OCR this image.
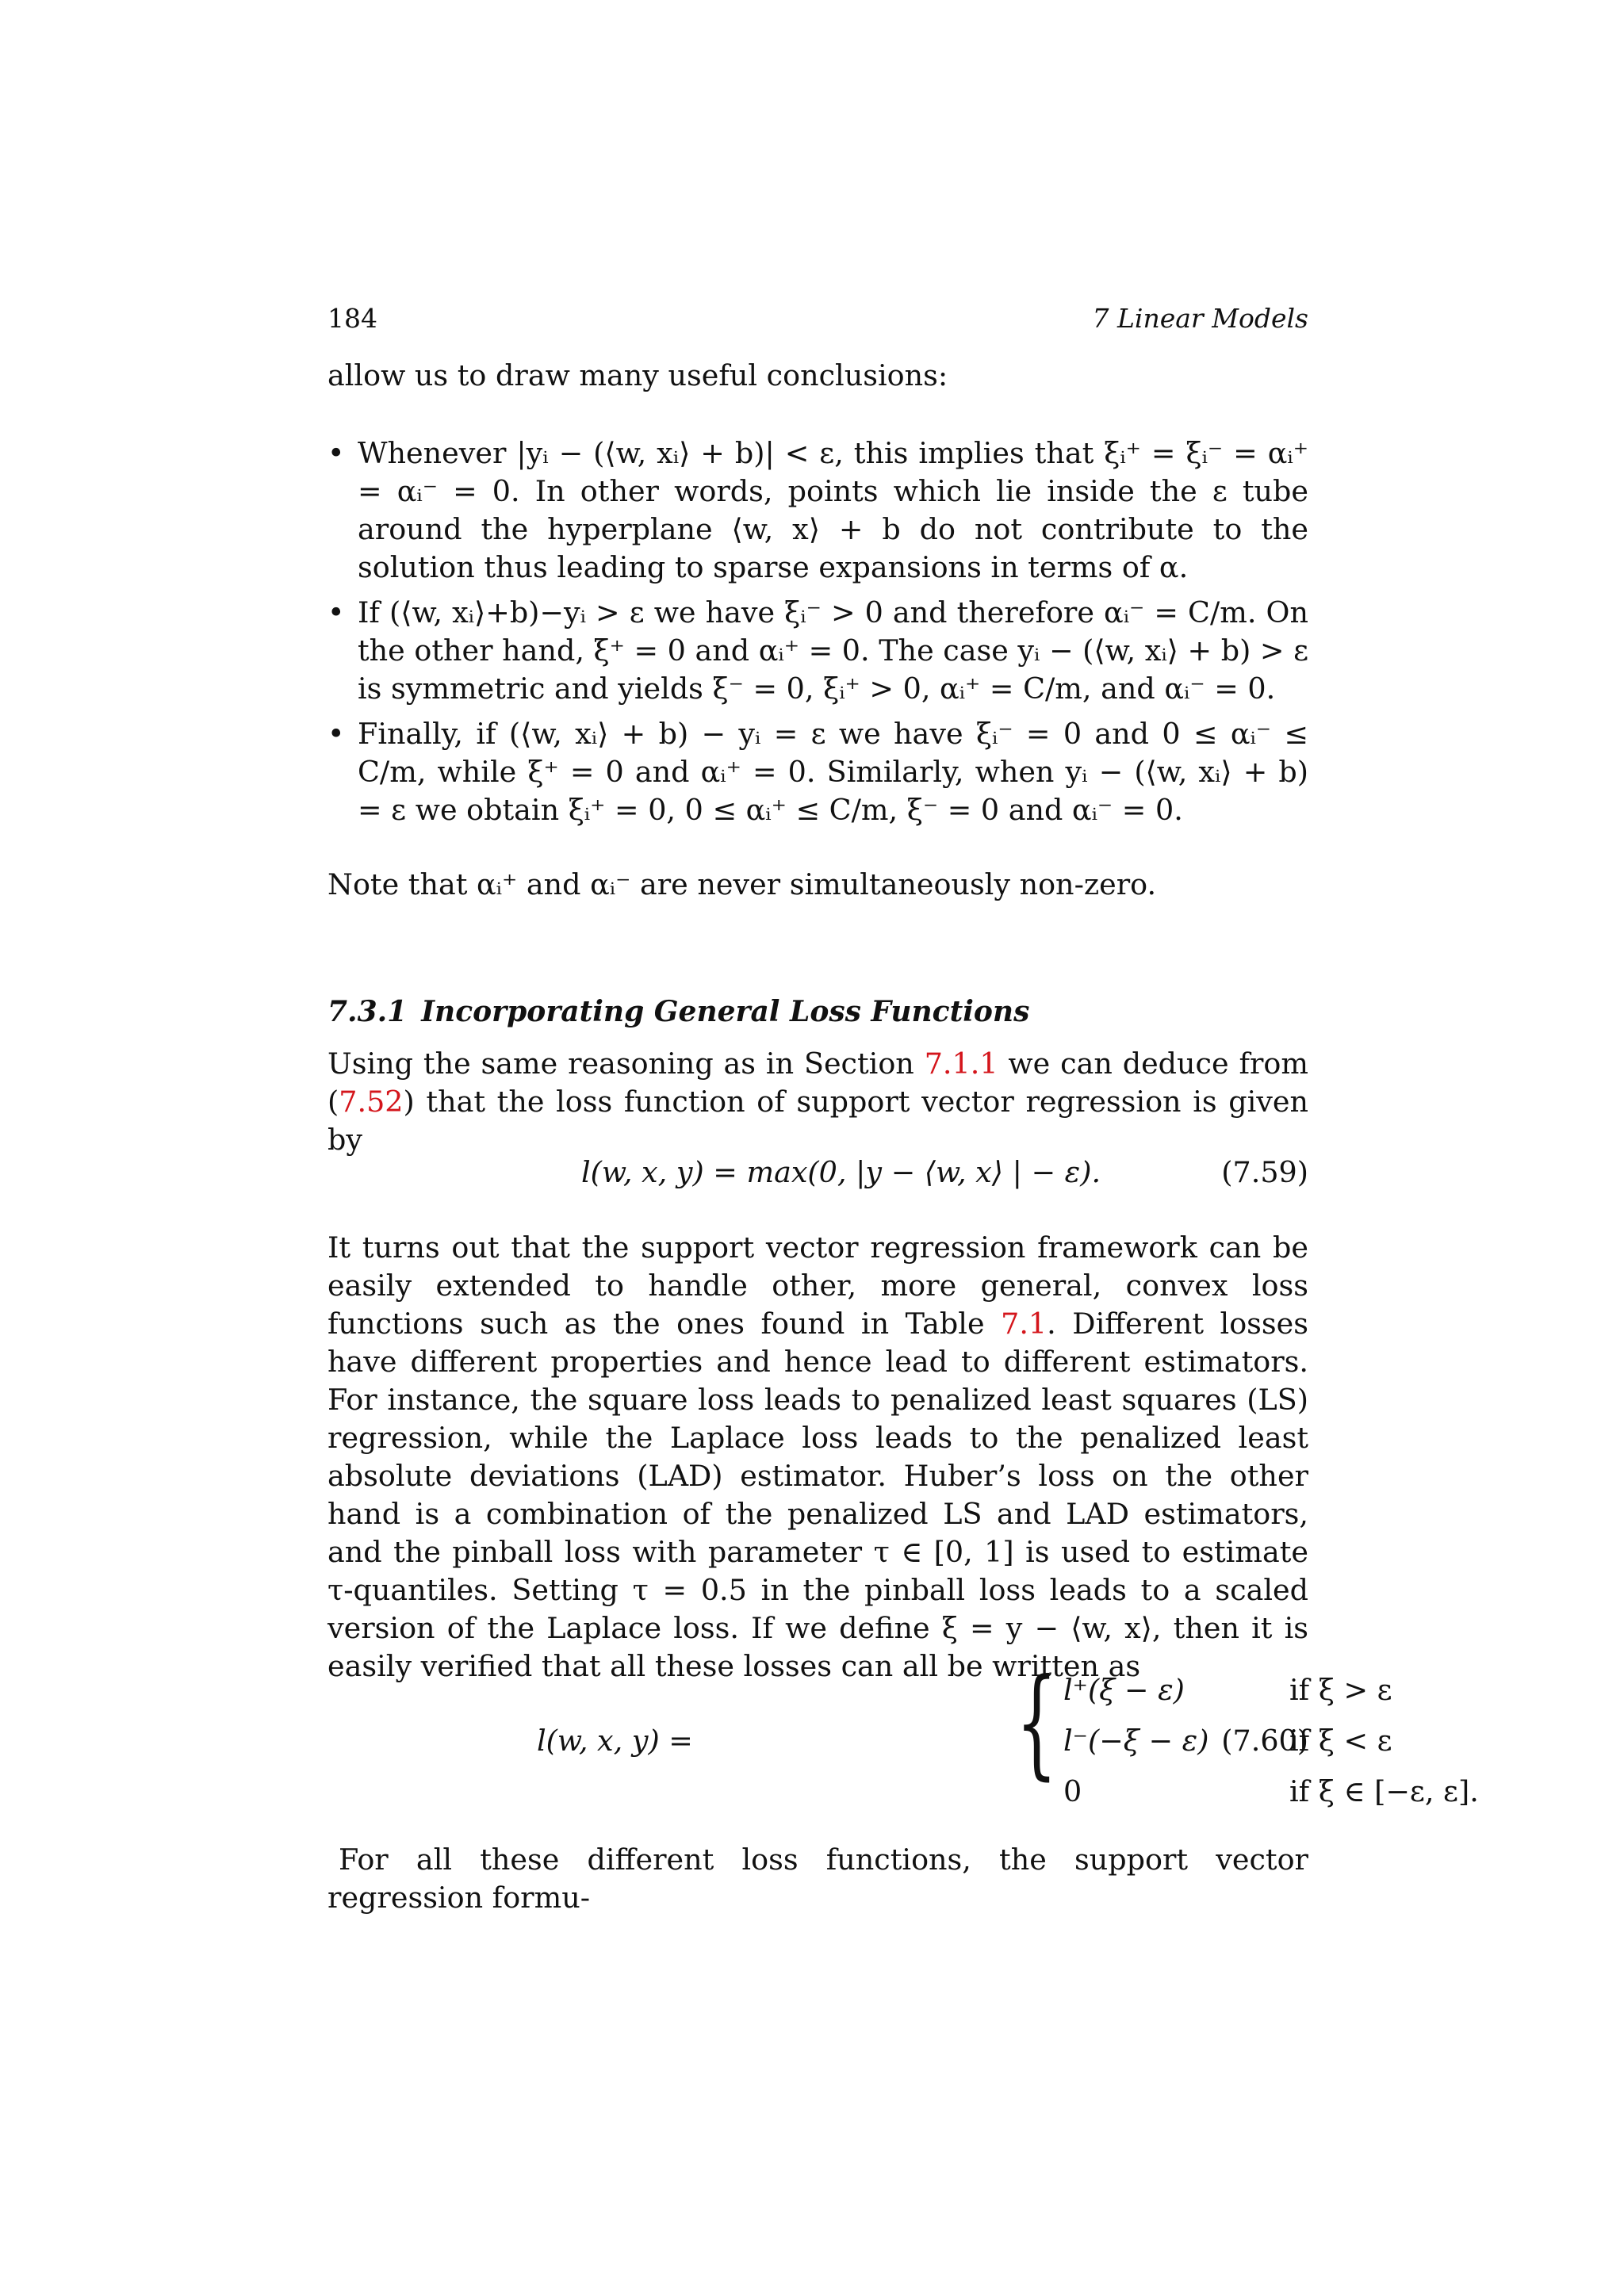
184	7 Linear Models

allow us to draw many useful conclusions:

• Whenever |yᵢ − (⟨w, xᵢ⟩ + b)| < ε, this implies that ξᵢ⁺ = ξᵢ⁻ = αᵢ⁺ = αᵢ⁻ = 0. In other words, points which lie inside the ε tube around the hyperplane ⟨w, x⟩ + b do not contribute to the solution thus leading to sparse expansions in terms of α.
• If (⟨w, xᵢ⟩+b)−yᵢ > ε we have ξᵢ⁻ > 0 and therefore αᵢ⁻ = C/m. On the other hand, ξ⁺ = 0 and αᵢ⁺ = 0. The case yᵢ − (⟨w, xᵢ⟩ + b) > ε is symmetric and yields ξ⁻ = 0, ξᵢ⁺ > 0, αᵢ⁺ = C/m, and αᵢ⁻ = 0.
• Finally, if (⟨w, xᵢ⟩ + b) − yᵢ = ε we have ξᵢ⁻ = 0 and 0 ≤ αᵢ⁻ ≤ C/m, while ξ⁺ = 0 and αᵢ⁺ = 0. Similarly, when yᵢ − (⟨w, xᵢ⟩ + b) = ε we obtain ξᵢ⁺ = 0, 0 ≤ αᵢ⁺ ≤ C/m, ξ⁻ = 0 and αᵢ⁻ = 0.

Note that αᵢ⁺ and αᵢ⁻ are never simultaneously non-zero.

7.3.1 Incorporating General Loss Functions

Using the same reasoning as in Section 7.1.1 we can deduce from (7.52) that the loss function of support vector regression is given by

l(w, x, y) = max(0, |y − ⟨w, x⟩ | − ε).	(7.59)

It turns out that the support vector regression framework can be easily extended to handle other, more general, convex loss functions such as the ones found in Table 7.1. Different losses have different properties and hence lead to different estimators. For instance, the square loss leads to penalized least squares (LS) regression, while the Laplace loss leads to the penalized least absolute deviations (LAD) estimator. Huber’s loss on the other hand is a combination of the penalized LS and LAD estimators, and the pinball loss with parameter τ ∈ [0, 1] is used to estimate τ-quantiles. Setting τ = 0.5 in the pinball loss leads to a scaled version of the Laplace loss. If we define ξ = y − ⟨w, x⟩, then it is easily verified that all these losses can all be written as

l(w, x, y) =	{ l⁺(ξ − ε)	if ξ > ε
l⁻(−ξ − ε)	if ξ < ε
0	if ξ ∈ [−ε, ε].
(7.60)

For all these different loss functions, the support vector regression formu-
